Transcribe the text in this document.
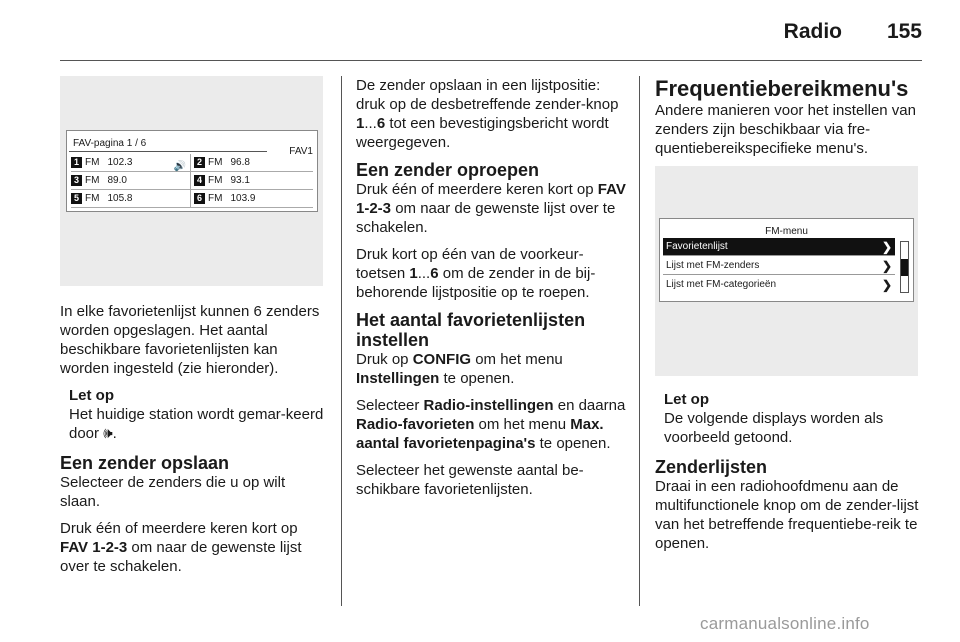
Radio 155
FAV-pagina 1 / 6
FAV1
1 FM 102.3	🔊	2 FM 96.8
3 FM 89.0	4 FM 93.1
5 FM 105.8	6 FM 103.9

In elke favorietenlijst kunnen 6 zenders worden opgeslagen. Het aantal beschikbare favorietenlijsten kan worden ingesteld (zie hieronder).

Let op
Het huidige station wordt gemar-keerd door 🕪.
Een zender opslaan

Selecteer de zenders die u op wilt slaan.

Druk één of meerdere keren kort op FAV 1-2-3 om naar de gewenste lijst over te schakelen.

De zender opslaan in een lijstpositie: druk op de desbetreffende zender-knop 1...6 tot een bevestigingsbericht wordt weergegeven.

Een zender oproepen

Druk één of meerdere keren kort op FAV 1-2-3 om naar de gewenste lijst over te schakelen.

Druk kort op één van de voorkeur-toetsen 1...6 om de zender in de bij-behorende lijstpositie op te roepen.

Het aantal favorietenlijsten instellen

Druk op CONFIG om het menu Instellingen te openen.

Selecteer Radio-instellingen en daarna Radio-favorieten om het menu Max. aantal favorietenpagina's te openen.

Selecteer het gewenste aantal be-schikbare favorietenlijsten.

Frequentiebereikmenu's

Andere manieren voor het instellen van zenders zijn beschikbaar via fre-quentiebereikspecifieke menu's.

FM-menu
Favorietenlijst	❯
Lijst met FM-zenders	❯
Lijst met FM-categorieën	❯
Let op
De volgende displays worden als voorbeeld getoond.
Zenderlijsten

Draai in een radiohoofdmenu aan de multifunctionele knop om de zender-lijst van het betreffende frequentiebe-reik te openen.

carmanualsonline.info
